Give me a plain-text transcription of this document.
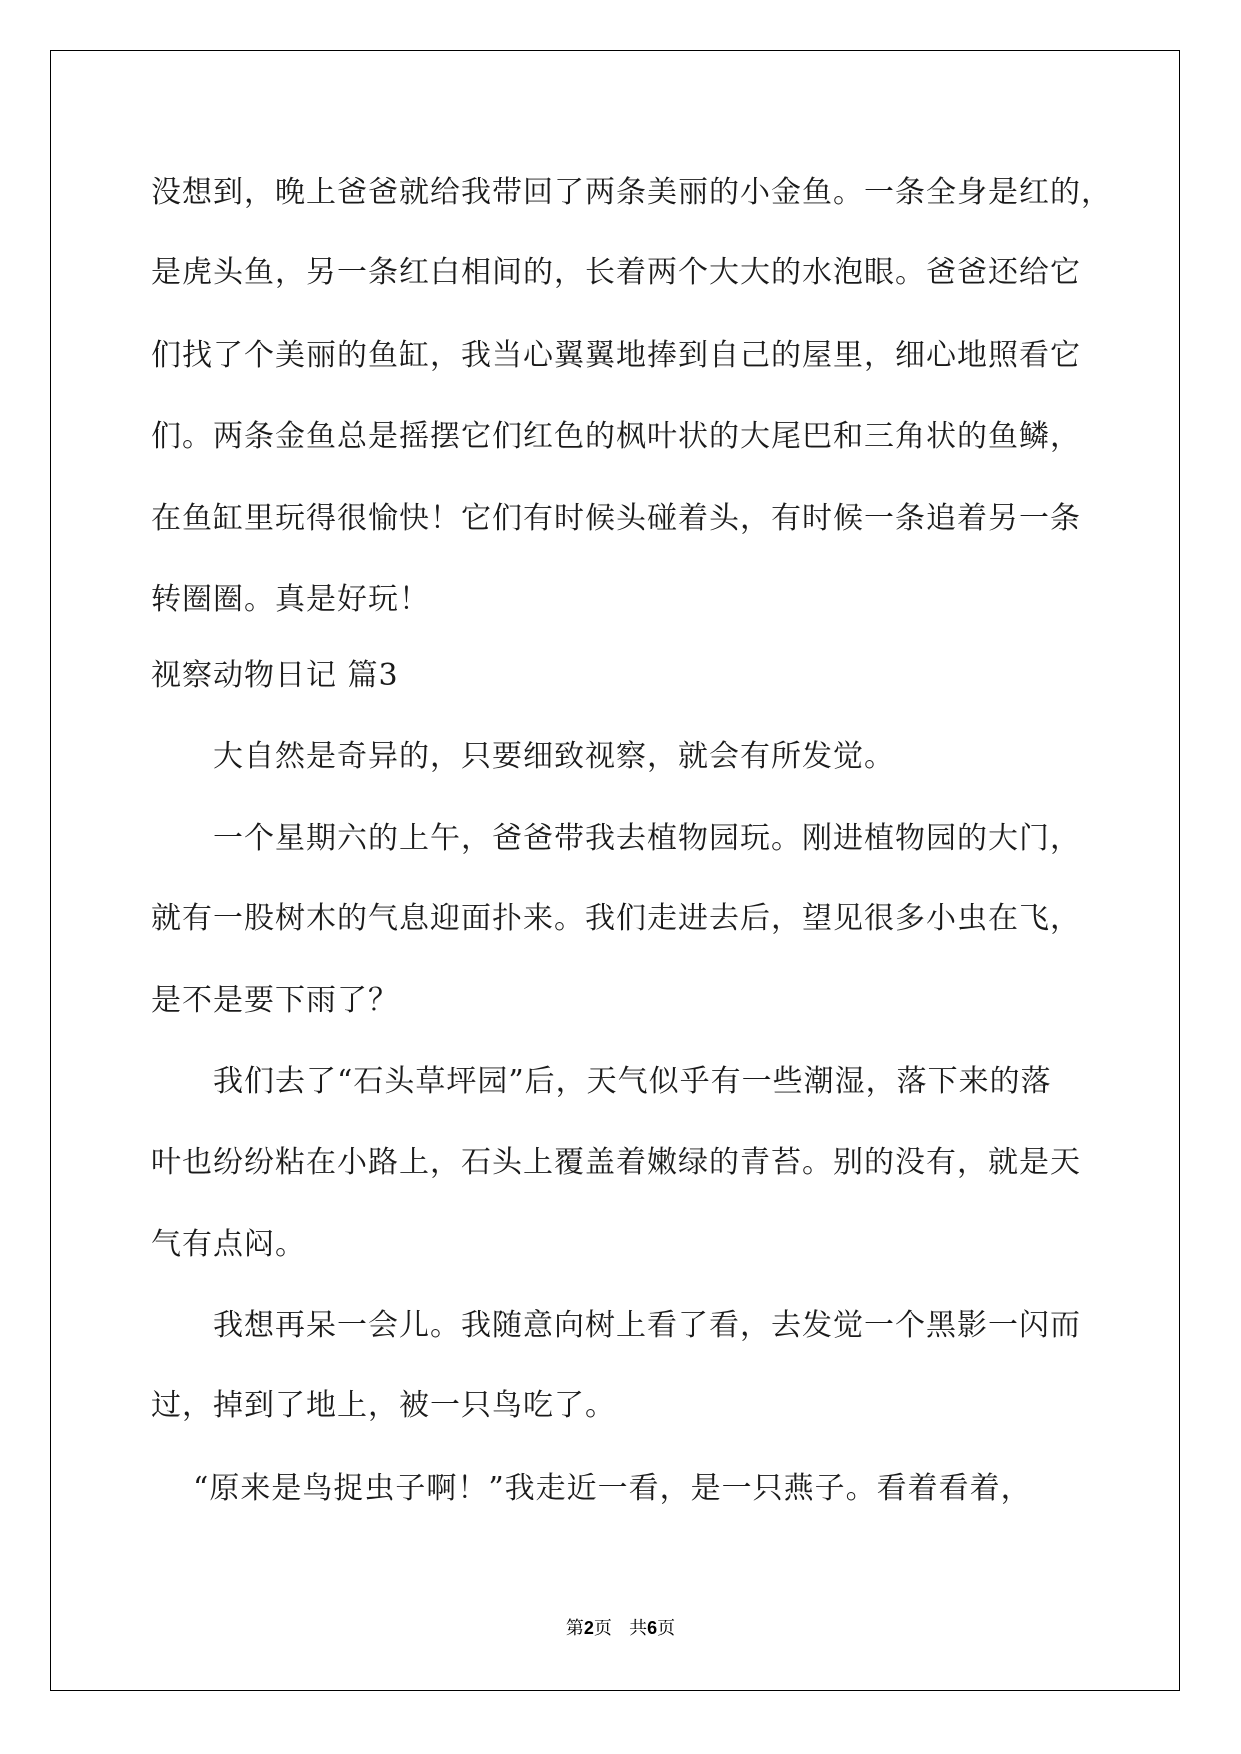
没想到，晚上爸爸就给我带回了两条美丽的小金鱼。一条全身是红的，

是虎头鱼，另一条红白相间的，长着两个大大的水泡眼。爸爸还给它

们找了个美丽的鱼缸，我当心翼翼地捧到自己的屋里，细心地照看它

们。两条金鱼总是摇摆它们红色的枫叶状的大尾巴和三角状的鱼鳞，

在鱼缸里玩得很愉快！它们有时候头碰着头，有时候一条追着另一条

转圈圈。真是好玩！

视察动物日记 篇3

大自然是奇异的，只要细致视察，就会有所发觉。

一个星期六的上午，爸爸带我去植物园玩。刚进植物园的大门，

就有一股树木的气息迎面扑来。我们走进去后，望见很多小虫在飞，

是不是要下雨了？

我们去了“石头草坪园”后，天气似乎有一些潮湿，落下来的落

叶也纷纷粘在小路上，石头上覆盖着嫩绿的青苔。别的没有，就是天

气有点闷。

我想再呆一会儿。我随意向树上看了看，去发觉一个黑影一闪而

过，掉到了地上，被一只鸟吃了。

“原来是鸟捉虫子啊！”我走近一看，是一只燕子。看着看着，

第2页 共6页
